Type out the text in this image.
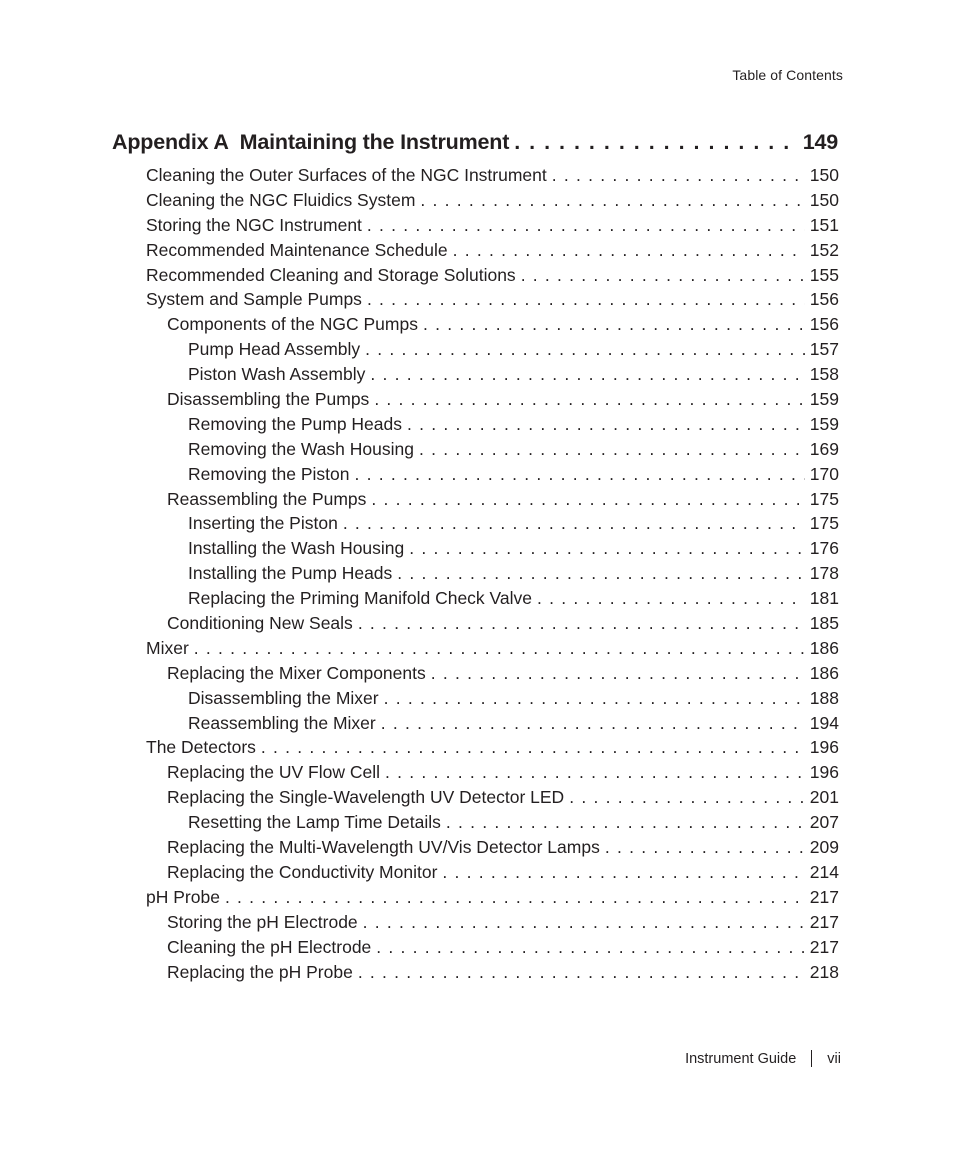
Table of Contents
Appendix A Maintaining the Instrument . . .	149
Cleaning the Outer Surfaces of the NGC Instrument . . .	150
Cleaning the NGC Fluidics System . . .	150
Storing the NGC Instrument . . .	151
Recommended Maintenance Schedule . . .	152
Recommended Cleaning and Storage Solutions . . .	155
System and Sample Pumps . . .	156
Components of the NGC Pumps . . .	156
Pump Head Assembly . . .	157
Piston Wash Assembly . . .	158
Disassembling the Pumps . . .	159
Removing the Pump Heads . . .	159
Removing the Wash Housing . . .	169
Removing the Piston . . .	170
Reassembling the Pumps . . .	175
Inserting the Piston . . .	175
Installing the Wash Housing . . .	176
Installing the Pump Heads . . .	178
Replacing the Priming Manifold Check Valve . . .	181
Conditioning New Seals . . .	185
Mixer . . .	186
Replacing the Mixer Components . . .	186
Disassembling the Mixer . . .	188
Reassembling the Mixer . . .	194
The Detectors . . .	196
Replacing the UV Flow Cell . . .	196
Replacing the Single-Wavelength UV Detector LED . . .	201
Resetting the Lamp Time Details . . .	207
Replacing the Multi-Wavelength UV/Vis Detector Lamps . . .	209
Replacing the Conductivity Monitor . . .	214
pH Probe . . .	217
Storing the pH Electrode . . .	217
Cleaning the pH Electrode . . .	217
Replacing the pH Probe . . .	218
Instrument Guide vii
